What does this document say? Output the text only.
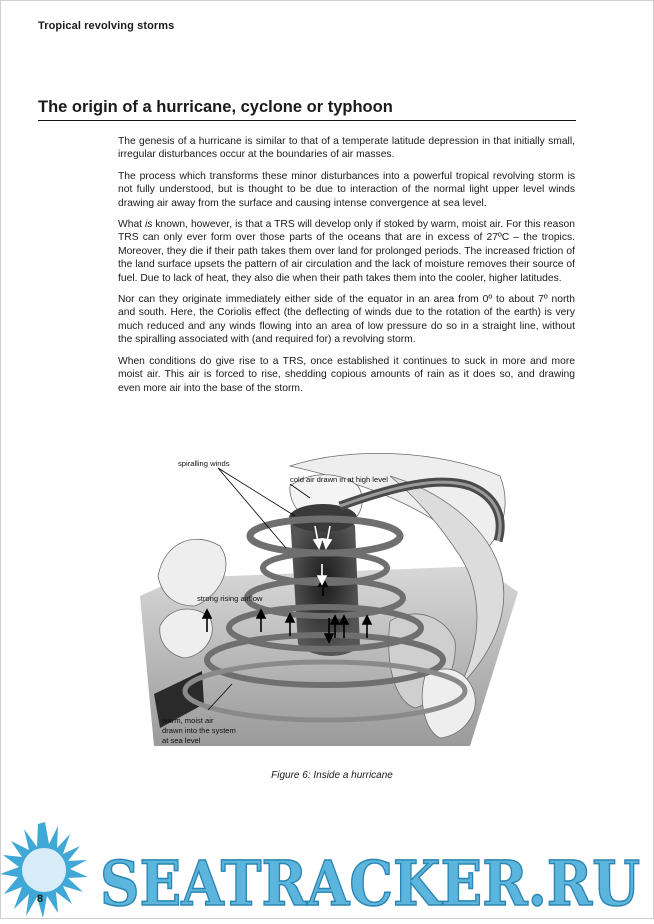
Tropical revolving storms
The origin of a hurricane, cyclone or typhoon

The genesis of a hurricane is similar to that of a temperate latitude depression in that initially small, irregular disturbances occur at the boundaries of air masses.

The process which transforms these minor disturbances into a powerful tropical revolving storm is not fully understood, but is thought to be due to interaction of the normal light upper level winds drawing air away from the surface and causing intense convergence at sea level.

What is known, however, is that a TRS will develop only if stoked by warm, moist air. For this reason TRS can only ever form over those parts of the oceans that are in excess of 27ºC – the tropics. Moreover, they die if their path takes them over land for prolonged periods. The increased friction of the land surface upsets the pattern of air circulation and the lack of moisture removes their source of fuel. Due to lack of heat, they also die when their path takes them into the cooler, higher latitudes.

Nor can they originate immediately either side of the equator in an area from 0º to about 7º north and south. Here, the Coriolis effect (the deflecting of winds due to the rotation of the earth) is very much reduced and any winds flowing into an area of low pressure do so in a straight line, without the spiralling associated with (and required for) a revolving storm.

When conditions do give rise to a TRS, once established it continues to suck in more and more moist air. This air is forced to rise, shedding copious amounts of rain as it does so, and drawing even more air into the base of the storm.

spiralling winds
cold air drawn in at high level
strong rising airflow
warm, moist air
drawn into the system
at sea level
Figure 6: Inside a hurricane
SEATRACKER.RU
8
